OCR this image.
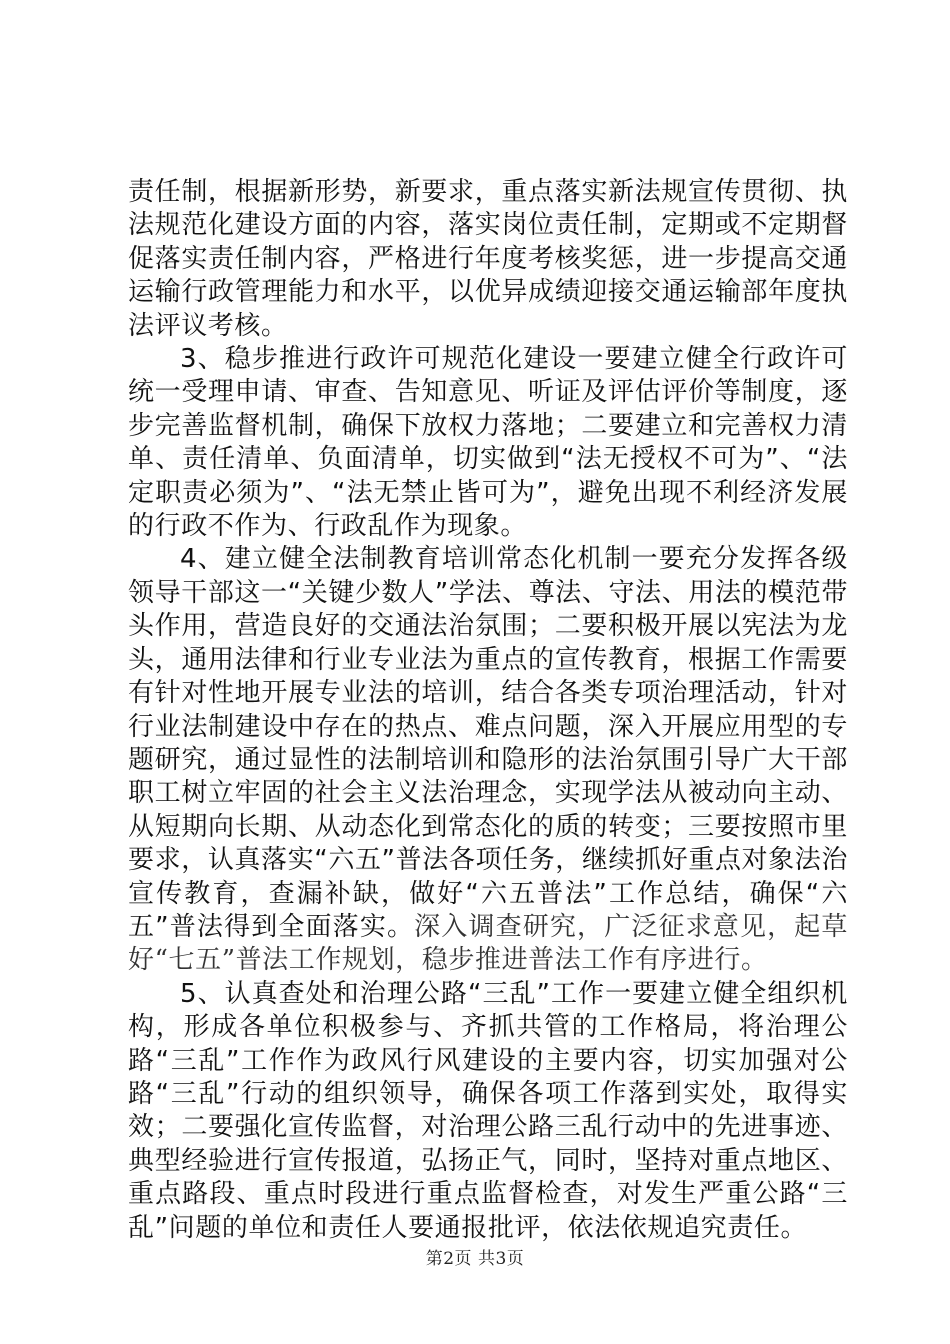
责任制，根据新形势，新要求，重点落实新法规宣传贯彻、执法规范化建设方面的内容，落实岗位责任制，定期或不定期督促落实责任制内容，严格进行年度考核奖惩，进一步提高交通运输行政管理能力和水平，以优异成绩迎接交通运输部年度执法评议考核。

3、稳步推进行政许可规范化建设一要建立健全行政许可统一受理申请、审查、告知意见、听证及评估评价等制度，逐步完善监督机制，确保下放权力落地；二要建立和完善权力清单、责任清单、负面清单，切实做到“法无授权不可为”、“法定职责必须为”、“法无禁止皆可为”，避免出现不利经济发展的行政不作为、行政乱作为现象。

4、建立健全法制教育培训常态化机制一要充分发挥各级领导干部这一“关键少数人”学法、尊法、守法、用法的模范带头作用，营造良好的交通法治氛围；二要积极开展以宪法为龙头，通用法律和行业专业法为重点的宣传教育，根据工作需要有针对性地开展专业法的培训，结合各类专项治理活动，针对行业法制建设中存在的热点、难点问题，深入开展应用型的专题研究，通过显性的法制培训和隐形的法治氛围引导广大干部职工树立牢固的社会主义法治理念，实现学法从被动向主动、从短期向长期、从动态化到常态化的质的转变；三要按照市里要求，认真落实“六五”普法各项任务，继续抓好重点对象法治宣传教育，查漏补缺，做好“六五普法”工作总结，确保“六五”普法得到全面落实。深入调查研究，广泛征求意见，起草好“七五”普法工作规划，稳步推进普法工作有序进行。

5、认真查处和治理公路“三乱”工作一要建立健全组织机构，形成各单位积极参与、齐抓共管的工作格局，将治理公路“三乱”工作作为政风行风建设的主要内容，切实加强对公路“三乱”行动的组织领导，确保各项工作落到实处，取得实效；二要强化宣传监督，对治理公路三乱行动中的先进事迹、典型经验进行宣传报道，弘扬正气，同时，坚持对重点地区、重点路段、重点时段进行重点监督检查，对发生严重公路“三乱”问题的单位和责任人要通报批评，依法依规追究责任。

第2页 共3页
